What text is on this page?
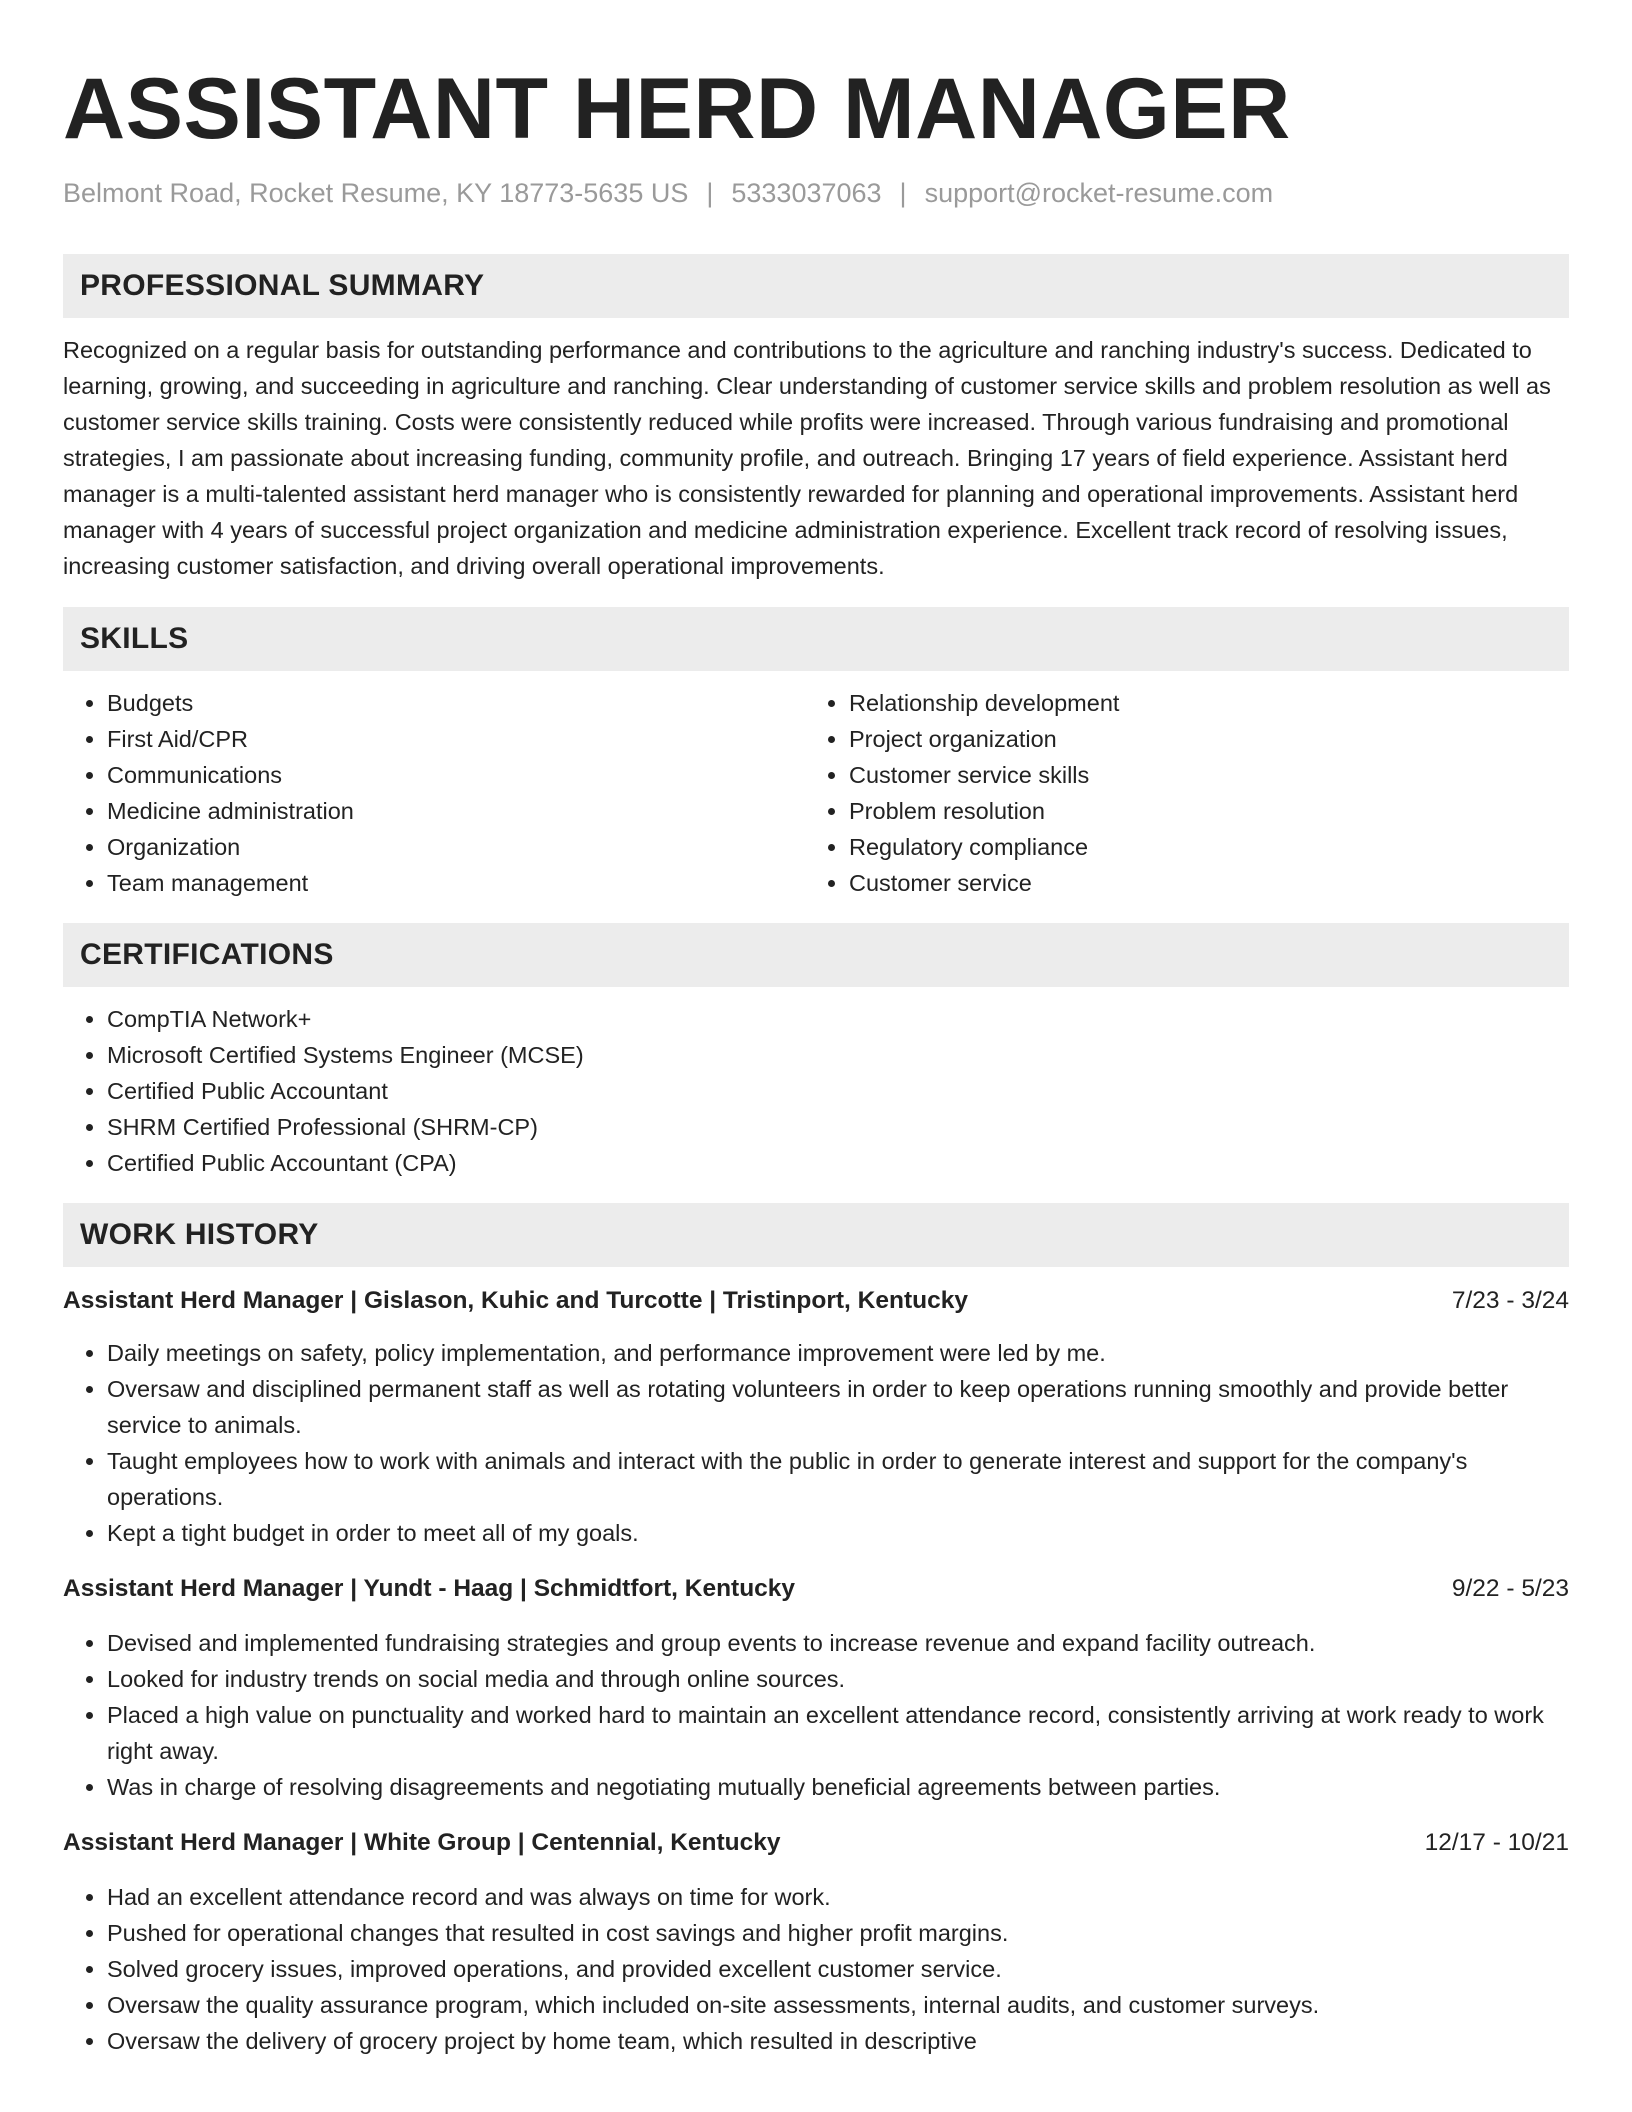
ASSISTANT HERD MANAGER
Belmont Road, Rocket Resume, KY 18773-5635 US | 5333037063 | support@rocket-resume.com
PROFESSIONAL SUMMARY

Recognized on a regular basis for outstanding performance and contributions to the agriculture and ranching industry's success. Dedicated to learning, growing, and succeeding in agriculture and ranching. Clear understanding of customer service skills and problem resolution as well as customer service skills training. Costs were consistently reduced while profits were increased. Through various fundraising and promotional strategies, I am passionate about increasing funding, community profile, and outreach. Bringing 17 years of field experience. Assistant herd manager is a multi-talented assistant herd manager who is consistently rewarded for planning and operational improvements. Assistant herd manager with 4 years of successful project organization and medicine administration experience. Excellent track record of resolving issues, increasing customer satisfaction, and driving overall operational improvements.

SKILLS
• Budgets
• First Aid/CPR
• Communications
• Medicine administration
• Organization
• Team management
• Relationship development
• Project organization
• Customer service skills
• Problem resolution
• Regulatory compliance
• Customer service
CERTIFICATIONS
• CompTIA Network+
• Microsoft Certified Systems Engineer (MCSE)
• Certified Public Accountant
• SHRM Certified Professional (SHRM-CP)
• Certified Public Accountant (CPA)
WORK HISTORY
Assistant Herd Manager | Gislason, Kuhic and Turcotte | Tristinport, Kentucky	7/23 - 3/24
• Daily meetings on safety, policy implementation, and performance improvement were led by me.
• Oversaw and disciplined permanent staff as well as rotating volunteers in order to keep operations running smoothly and provide better service to animals.
• Taught employees how to work with animals and interact with the public in order to generate interest and support for the company's operations.
• Kept a tight budget in order to meet all of my goals.
Assistant Herd Manager | Yundt - Haag | Schmidtfort, Kentucky	9/22 - 5/23
• Devised and implemented fundraising strategies and group events to increase revenue and expand facility outreach.
• Looked for industry trends on social media and through online sources.
• Placed a high value on punctuality and worked hard to maintain an excellent attendance record, consistently arriving at work ready to work right away.
• Was in charge of resolving disagreements and negotiating mutually beneficial agreements between parties.
Assistant Herd Manager | White Group | Centennial, Kentucky	12/17 - 10/21
• Had an excellent attendance record and was always on time for work.
• Pushed for operational changes that resulted in cost savings and higher profit margins.
• Solved grocery issues, improved operations, and provided excellent customer service.
• Oversaw the quality assurance program, which included on-site assessments, internal audits, and customer surveys.
• Oversaw the delivery of grocery project by home team, which resulted in descriptive
